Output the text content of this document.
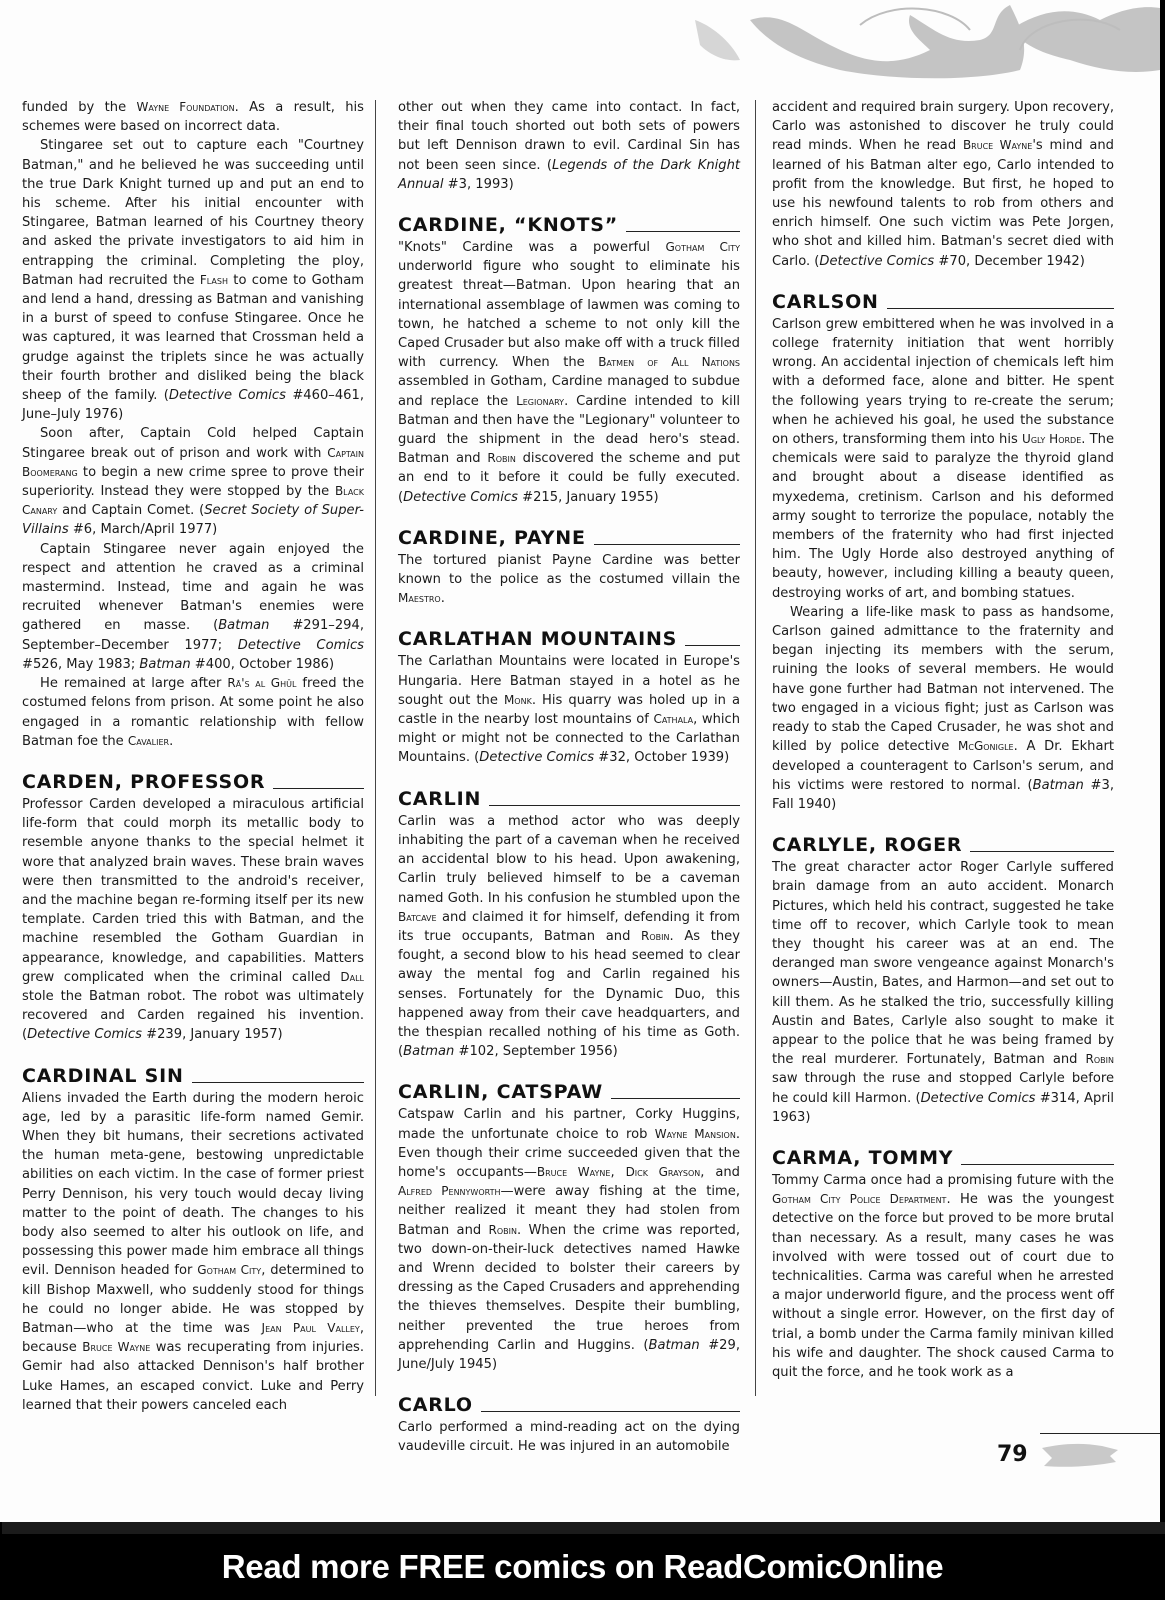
funded by the Wayne Foundation. As a result, his schemes were based on incorrect data.

Stingaree set out to capture each "Courtney Batman," and he believed he was succeeding until the true Dark Knight turned up and put an end to his scheme. After his initial encounter with Stingaree, Batman learned of his Courtney theory and asked the private investigators to aid him in entrapping the criminal. Completing the ploy, Batman had recruited the Flash to come to Gotham and lend a hand, dressing as Batman and vanishing in a burst of speed to confuse Stingaree. Once he was captured, it was learned that Crossman held a grudge against the triplets since he was actually their fourth brother and disliked being the black sheep of the family. (Detective Comics #460–461, June–July 1976)

Soon after, Captain Cold helped Captain Stingaree break out of prison and work with Captain Boomerang to begin a new crime spree to prove their superiority. Instead they were stopped by the Black Canary and Captain Comet. (Secret Society of Super-Villains #6, March/April 1977)

Captain Stingaree never again enjoyed the respect and attention he craved as a criminal mastermind. Instead, time and again he was recruited whenever Batman's enemies were gathered en masse. (Batman #291–294, September–December 1977; Detective Comics #526, May 1983; Batman #400, October 1986)

He remained at large after Rā's al Ghūl freed the costumed felons from prison. At some point he also engaged in a romantic relationship with fellow Batman foe the Cavalier.

CARDEN, PROFESSOR

Professor Carden developed a miraculous artificial life-form that could morph its metallic body to resemble anyone thanks to the special helmet it wore that analyzed brain waves. These brain waves were then transmitted to the android's receiver, and the machine began re-forming itself per its new template. Carden tried this with Batman, and the machine resembled the Gotham Guardian in appearance, knowledge, and capabilities. Matters grew complicated when the criminal called Dall stole the Batman robot. The robot was ultimately recovered and Carden regained his invention. (Detective Comics #239, January 1957)

CARDINAL SIN

Aliens invaded the Earth during the modern heroic age, led by a parasitic life-form named Gemir. When they bit humans, their secretions activated the human meta-gene, bestowing unpredictable abilities on each victim. In the case of former priest Perry Dennison, his very touch would decay living matter to the point of death. The changes to his body also seemed to alter his outlook on life, and possessing this power made him embrace all things evil. Dennison headed for Gotham City, determined to kill Bishop Maxwell, who suddenly stood for things he could no longer abide. He was stopped by Batman—who at the time was Jean Paul Valley, because Bruce Wayne was recuperating from injuries. Gemir had also attacked Dennison's half brother Luke Hames, an escaped convict. Luke and Perry learned that their powers canceled each

other out when they came into contact. In fact, their final touch shorted out both sets of powers but left Dennison drawn to evil. Cardinal Sin has not been seen since. (Legends of the Dark Knight Annual #3, 1993)

CARDINE, “KNOTS”

"Knots" Cardine was a powerful Gotham City underworld figure who sought to eliminate his greatest threat—Batman. Upon hearing that an international assemblage of lawmen was coming to town, he hatched a scheme to not only kill the Caped Crusader but also make off with a truck filled with currency. When the Batmen of All Nations assembled in Gotham, Cardine managed to subdue and replace the Legionary. Cardine intended to kill Batman and then have the "Legionary" volunteer to guard the shipment in the dead hero's stead. Batman and Robin discovered the scheme and put an end to it before it could be fully executed. (Detective Comics #215, January 1955)

CARDINE, PAYNE

The tortured pianist Payne Cardine was better known to the police as the costumed villain the Maestro.

CARLATHAN MOUNTAINS

The Carlathan Mountains were located in Europe's Hungaria. Here Batman stayed in a hotel as he sought out the Monk. His quarry was holed up in a castle in the nearby lost mountains of Cathala, which might or might not be connected to the Carlathan Mountains. (Detective Comics #32, October 1939)

CARLIN

Carlin was a method actor who was deeply inhabiting the part of a caveman when he received an accidental blow to his head. Upon awakening, Carlin truly believed himself to be a caveman named Goth. In his confusion he stumbled upon the Batcave and claimed it for himself, defending it from its true occupants, Batman and Robin. As they fought, a second blow to his head seemed to clear away the mental fog and Carlin regained his senses. Fortunately for the Dynamic Duo, this happened away from their cave headquarters, and the thespian recalled nothing of his time as Goth. (Batman #102, September 1956)

CARLIN, CATSPAW

Catspaw Carlin and his partner, Corky Huggins, made the unfortunate choice to rob Wayne Mansion. Even though their crime succeeded given that the home's occupants—Bruce Wayne, Dick Grayson, and Alfred Pennyworth—were away fishing at the time, neither realized it meant they had stolen from Batman and Robin. When the crime was reported, two down-on-their-luck detectives named Hawke and Wrenn decided to bolster their careers by dressing as the Caped Crusaders and apprehending the thieves themselves. Despite their bumbling, neither prevented the true heroes from apprehending Carlin and Huggins. (Batman #29, June/July 1945)

CARLO

Carlo performed a mind-reading act on the dying vaudeville circuit. He was injured in an automobile

accident and required brain surgery. Upon recovery, Carlo was astonished to discover he truly could read minds. When he read Bruce Wayne's mind and learned of his Batman alter ego, Carlo intended to profit from the knowledge. But first, he hoped to use his newfound talents to rob from others and enrich himself. One such victim was Pete Jorgen, who shot and killed him. Batman's secret died with Carlo. (Detective Comics #70, December 1942)

CARLSON

Carlson grew embittered when he was involved in a college fraternity initiation that went horribly wrong. An accidental injection of chemicals left him with a deformed face, alone and bitter. He spent the following years trying to re-create the serum; when he achieved his goal, he used the substance on others, transforming them into his Ugly Horde. The chemicals were said to paralyze the thyroid gland and brought about a disease identified as myxedema, cretinism. Carlson and his deformed army sought to terrorize the populace, notably the members of the fraternity who had first injected him. The Ugly Horde also destroyed anything of beauty, however, including killing a beauty queen, destroying works of art, and bombing statues.

Wearing a life-like mask to pass as handsome, Carlson gained admittance to the fraternity and began injecting its members with the serum, ruining the looks of several members. He would have gone further had Batman not intervened. The two engaged in a vicious fight; just as Carlson was ready to stab the Caped Crusader, he was shot and killed by police detective McGonigle. A Dr. Ekhart developed a counteragent to Carlson's serum, and his victims were restored to normal. (Batman #3, Fall 1940)

CARLYLE, ROGER

The great character actor Roger Carlyle suffered brain damage from an auto accident. Monarch Pictures, which held his contract, suggested he take time off to recover, which Carlyle took to mean they thought his career was at an end. The deranged man swore vengeance against Monarch's owners—Austin, Bates, and Harmon—and set out to kill them. As he stalked the trio, successfully killing Austin and Bates, Carlyle also sought to make it appear to the police that he was being framed by the real murderer. Fortunately, Batman and Robin saw through the ruse and stopped Carlyle before he could kill Harmon. (Detective Comics #314, April 1963)

CARMA, TOMMY

Tommy Carma once had a promising future with the Gotham City Police Department. He was the youngest detective on the force but proved to be more brutal than necessary. As a result, many cases he was involved with were tossed out of court due to technicalities. Carma was careful when he arrested a major underworld figure, and the process went off without a single error. However, on the first day of trial, a bomb under the Carma family minivan killed his wife and daughter. The shock caused Carma to quit the force, and he took work as a

79
Read more FREE comics on ReadComicOnline
